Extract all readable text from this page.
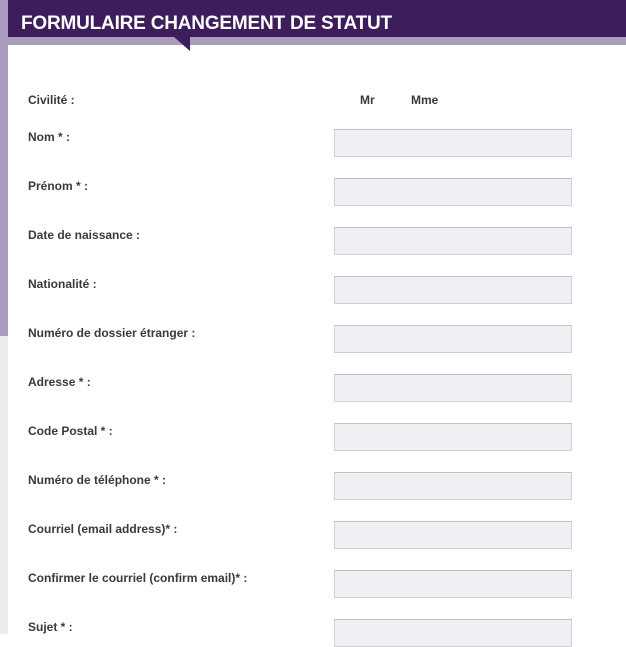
FORMULAIRE CHANGEMENT DE STATUT
Civilité :	Mr	Mme
Nom * :
Prénom * :
Date de naissance :
Nationalité :
Numéro de dossier étranger :
Adresse * :
Code Postal * :
Numéro de téléphone * :
Courriel (email address)* :
Confirmer le courriel (confirm email)* :
Sujet * :
